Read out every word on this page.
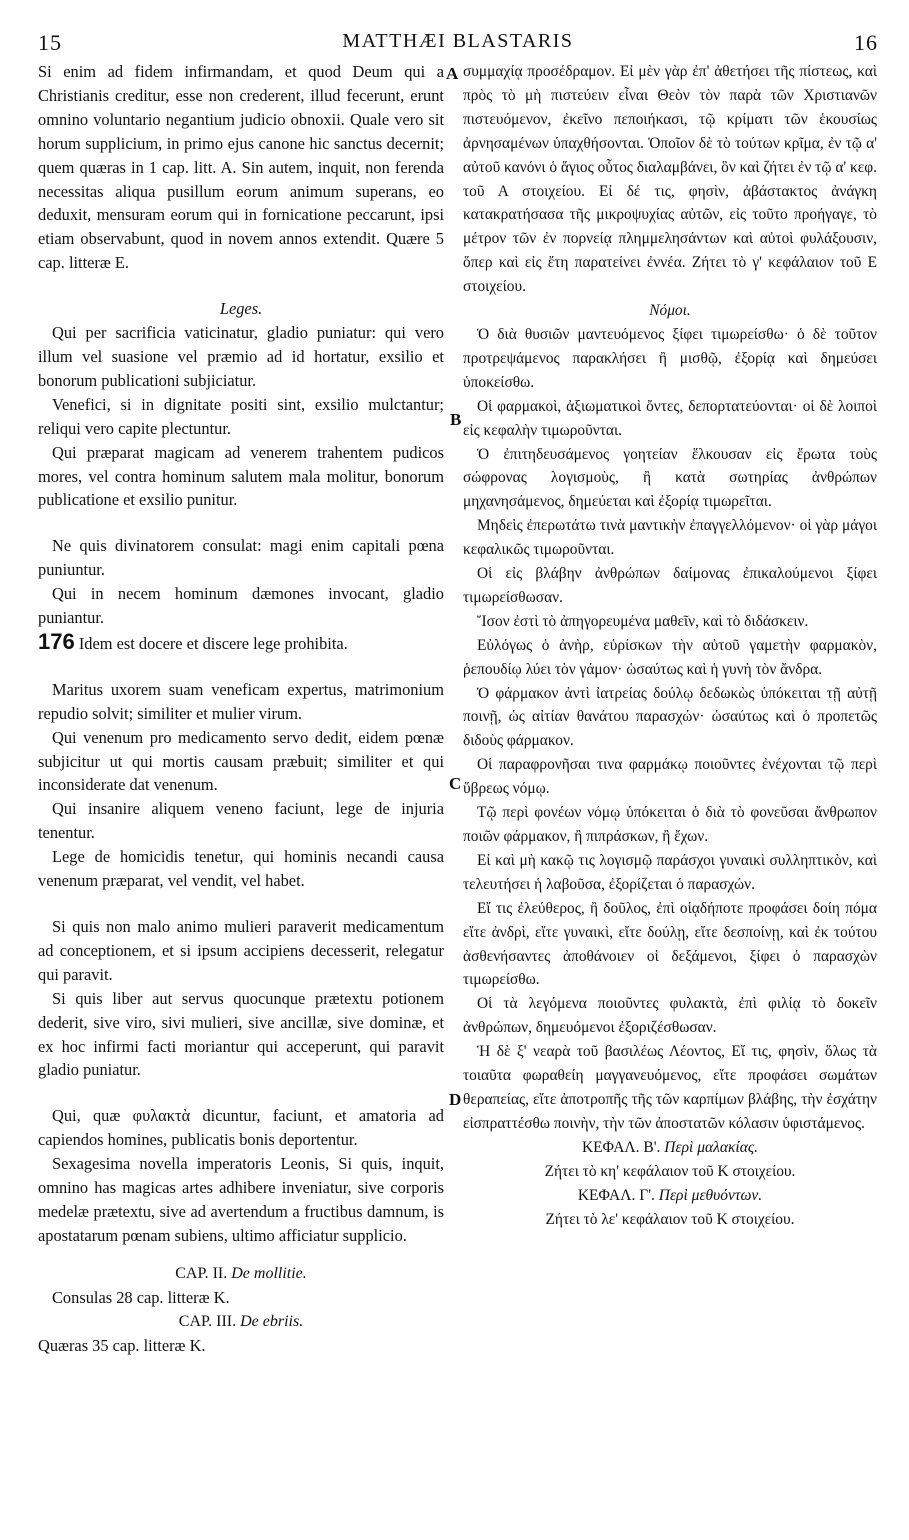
15	MATTHÆI BLASTARIS	16
A
B
C
D

Si enim ad fidem infirmandam, et quod Deum qui a Christianis creditur, esse non crederent, illud fecerunt, erunt omnino voluntario negantium judicio obnoxii. Quale vero sit horum supplicium, in primo ejus canone hic sanctus decernit; quem quæras in 1 cap. litt. A. Sin autem, inquit, non ferenda necessitas aliqua pusillum eorum animum superans, eo deduxit, mensuram eorum qui in fornicatione peccarunt, ipsi etiam observabunt, quod in novem annos extendit. Quære 5 cap. litteræ E.

Leges.

Qui per sacrificia vaticinatur, gladio puniatur: qui vero illum vel suasione vel præmio ad id hortatur, exsilio et bonorum publicationi subjiciatur.

Venefici, si in dignitate positi sint, exsilio mulctantur; reliqui vero capite plectuntur.

Qui præparat magicam ad venerem trahentem pudicos mores, vel contra hominum salutem mala molitur, bonorum publicatione et exsilio punitur.

Ne quis divinatorem consulat: magi enim capitali pœna puniuntur.

Qui in necem hominum dæmones invocant, gladio puniantur.

176 Idem est docere et discere lege prohibita.

Maritus uxorem suam veneficam expertus, matrimonium repudio solvit; similiter et mulier virum.

Qui venenum pro medicamento servo dedit, eidem pœnæ subjicitur ut qui mortis causam præbuit; similiter et qui inconsiderate dat venenum.

Qui insanire aliquem veneno faciunt, lege de injuria tenentur.

Lege de homicidis tenetur, qui hominis necandi causa venenum præparat, vel vendit, vel habet.

Si quis non malo animo mulieri paraverit medicamentum ad conceptionem, et si ipsum accipiens decesserit, relegatur qui paravit.

Si quis liber aut servus quocunque prætextu potionem dederit, sive viro, sivi mulieri, sive ancillæ, sive dominæ, et ex hoc infirmi facti moriantur qui acceperunt, qui paravit gladio puniatur.

Qui, quæ φυλακτὰ dicuntur, faciunt, et amatoria ad capiendos homines, publicatis bonis deportentur.

Sexagesima novella imperatoris Leonis, Si quis, inquit, omnino has magicas artes adhibere inveniatur, sive corporis medelæ prætextu, sive ad avertendum a fructibus damnum, is apostatarum pœnam subiens, ultimo afficiatur supplicio.

CAP. II. De mollitie.

Consulas 28 cap. litteræ K.

CAP. III. De ebriis.

Quæras 35 cap. litteræ K.

συμμαχίᾳ προσέδραμον. Εἰ μὲν γὰρ ἐπ' ἀθετήσει τῆς πίστεως, καὶ πρὸς τὸ μὴ πιστεύειν εἶναι Θεὸν τὸν παρὰ τῶν Χριστιανῶν πιστευόμενον, ἐκεῖνο πεποιήκασι, τῷ κρίματι τῶν ἑκουσίως ἀρνησαμένων ὑπαχθήσονται. Ὁποῖον δὲ τὸ τούτων κρῖμα, ἐν τῷ α' αὐτοῦ κανόνι ὁ ἅγιος οὗτος διαλαμβάνει, ὃν καὶ ζήτει ἐν τῷ α' κεφ. τοῦ Α στοιχείου. Εἰ δέ τις, φησὶν, ἀβάστακτος ἀνάγκη κατακρατήσασα τῆς μικροψυχίας αὐτῶν, εἰς τοῦτο προήγαγε, τὸ μέτρον τῶν ἐν πορνείᾳ πλημμελησάντων καὶ αὐτοὶ φυλάξουσιν, ὅπερ καὶ εἰς ἔτη παρατείνει ἐννέα. Ζήτει τὸ γ' κεφάλαιον τοῦ Ε στοιχείου.

Νόμοι.

Ὁ διὰ θυσιῶν μαντευόμενος ξίφει τιμωρείσθω· ὁ δὲ τοῦτον προτρεψάμενος παρακλήσει ἢ μισθῷ, ἐξορίᾳ καὶ δημεύσει ὑποκείσθω.

Οἱ φαρμακοὶ, ἀξιωματικοὶ ὄντες, δεπορτατεύονται· οἱ δὲ λοιποὶ εἰς κεφαλὴν τιμωροῦνται.

Ὁ ἐπιτηδευσάμενος γοητείαν ἕλκουσαν εἰς ἔρωτα τοὺς σώφρονας λογισμοὺς, ἢ κατὰ σωτηρίας ἀνθρώπων μηχανησάμενος, δημεύεται καὶ ἐξορίᾳ τιμωρεῖται.

Μηδεὶς ἐπερωτάτω τινὰ μαντικὴν ἐπαγγελλόμενον· οἱ γὰρ μάγοι κεφαλικῶς τιμωροῦνται.

Οἱ εἰς βλάβην ἀνθρώπων δαίμονας ἐπικαλούμενοι ξίφει τιμωρείσθωσαν.

Ἴσον ἐστὶ τὸ ἀπηγορευμένα μαθεῖν, καὶ τὸ διδάσκειν.

Εὐλόγως ὁ ἀνὴρ, εὑρίσκων τὴν αὐτοῦ γαμετὴν φαρμακὸν, ῥεπουδίῳ λύει τὸν γάμον· ὡσαύτως καὶ ἡ γυνὴ τὸν ἄνδρα.

Ὁ φάρμακον ἀντὶ ἰατρείας δούλῳ δεδωκὼς ὑπόκειται τῇ αὐτῇ ποινῇ, ὡς αἰτίαν θανάτου παρασχών· ὡσαύτως καὶ ὁ προπετῶς διδοὺς φάρμακον.

Οἱ παραφρονῆσαι τινα φαρμάκῳ ποιοῦντες ἐνέχονται τῷ περὶ ὕβρεως νόμῳ.

Τῷ περὶ φονέων νόμῳ ὑπόκειται ὁ διὰ τὸ φονεῦσαι ἄνθρωπον ποιῶν φάρμακον, ἢ πιπράσκων, ἢ ἔχων.

Εἰ καὶ μὴ κακῷ τις λογισμῷ παράσχοι γυναικὶ συλληπτικὸν, καὶ τελευτήσει ἡ λαβοῦσα, ἐξορίζεται ὁ παρασχών.

Εἴ τις ἐλεύθερος, ἢ δοῦλος, ἐπὶ οἱᾳδήποτε προφάσει δοίη πόμα εἴτε ἀνδρὶ, εἴτε γυναικὶ, εἴτε δούλῃ, εἴτε δεσποίνῃ, καὶ ἐκ τούτου ἀσθενήσαντες ἀποθάνοιεν οἱ δεξάμενοι, ξίφει ὁ παρασχὼν τιμωρείσθω.

Οἱ τὰ λεγόμενα ποιοῦντες φυλακτὰ, ἐπὶ φιλίᾳ τὸ δοκεῖν ἀνθρώπων, δημευόμενοι ἐξοριζέσθωσαν.

Ἡ δὲ ξ' νεαρὰ τοῦ βασιλέως Λέοντος, Εἴ τις, φησὶν, ὅλως τὰ τοιαῦτα φωραθείη μαγγανευόμενος, εἴτε προφάσει σωμάτων θεραπείας, εἴτε ἀποτροπῆς τῆς τῶν καρπίμων βλάβης, τὴν ἐσχάτην εἰσπραττέσθω ποινὴν, τὴν τῶν ἀποστατῶν κόλασιν ὑφιστάμενος.

ΚΕΦΑΛ. Β'. Περὶ μαλακίας.

Ζήτει τὸ κη' κεφάλαιον τοῦ Κ στοιχείου.

ΚΕΦΑΛ. Γ'. Περὶ μεθυόντων.

Ζήτει τὸ λε' κεφάλαιον τοῦ Κ στοιχείου.
